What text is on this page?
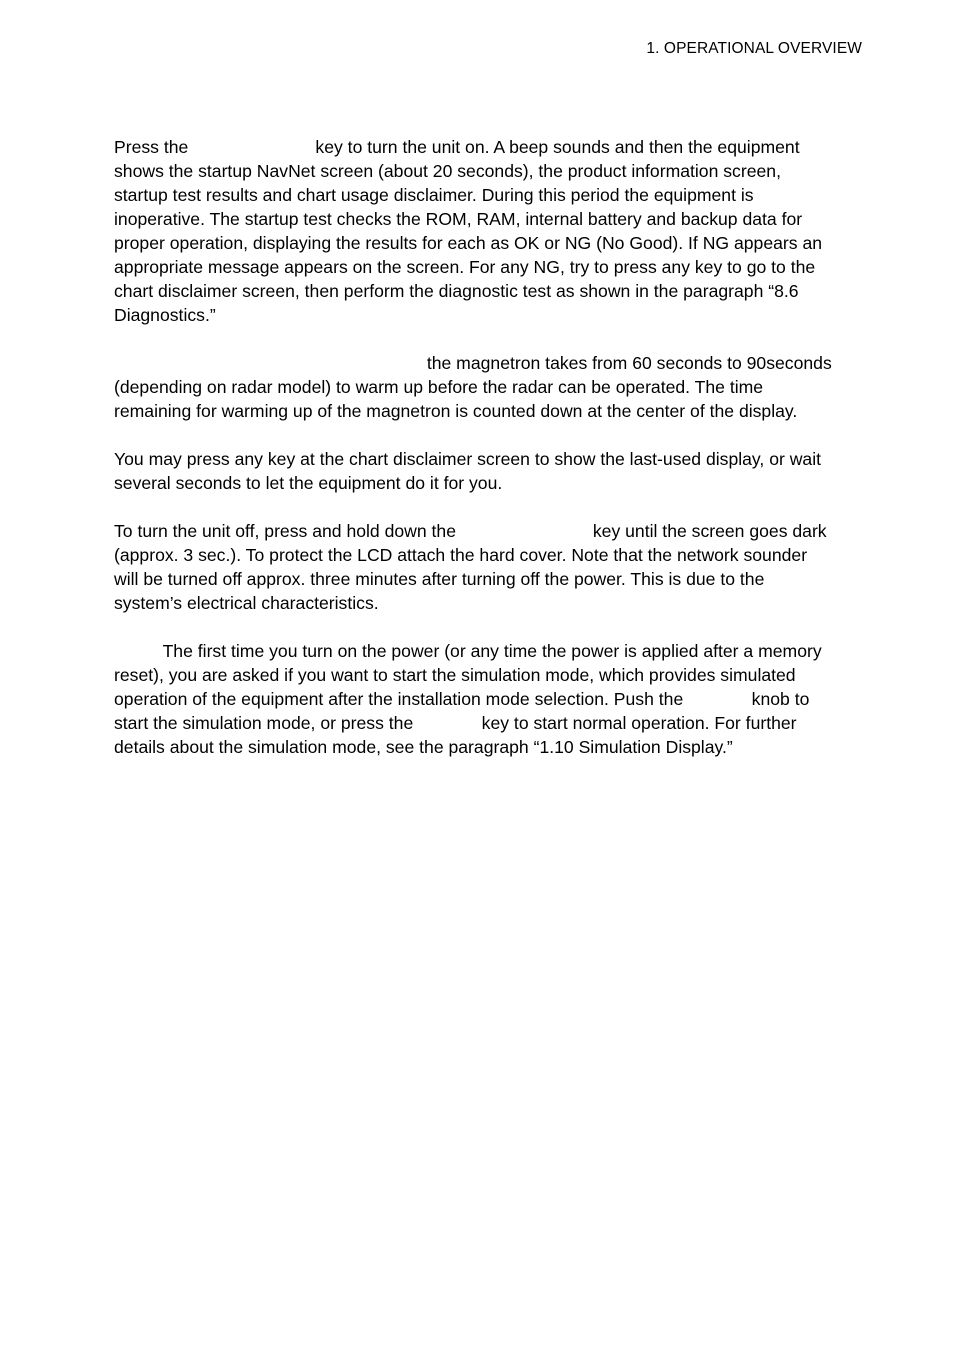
1. OPERATIONAL OVERVIEW
Press the                          key to turn the unit on. A beep sounds and then the equipment
shows the startup NavNet screen (about 20 seconds), the product information screen,
startup test results and chart usage disclaimer. During this period the equipment is
inoperative. The startup test checks the ROM, RAM, internal battery and backup data for
proper operation, displaying the results for each as OK or NG (No Good). If NG appears an
appropriate message appears on the screen. For any NG, try to press any key to go to the
chart disclaimer screen, then perform the diagnostic test as shown in the paragraph “8.6
Diagnostics.”
the magnetron takes from 60 seconds to 90seconds
(depending on radar model) to warm up before the radar can be operated. The time
remaining for warming up of the magnetron is counted down at the center of the display.
You may press any key at the chart disclaimer screen to show the last-used display, or wait
several seconds to let the equipment do it for you.
To turn the unit off, press and hold down the                            key until the screen goes dark
(approx. 3 sec.). To protect the LCD attach the hard cover. Note that the network sounder
will be turned off approx. three minutes after turning off the power. This is due to the
system’s electrical characteristics.
The first time you turn on the power (or any time the power is applied after a memory
reset), you are asked if you want to start the simulation mode, which provides simulated
operation of the equipment after the installation mode selection. Push the              knob to
start the simulation mode, or press the              key to start normal operation. For further
details about the simulation mode, see the paragraph “1.10 Simulation Display.”
